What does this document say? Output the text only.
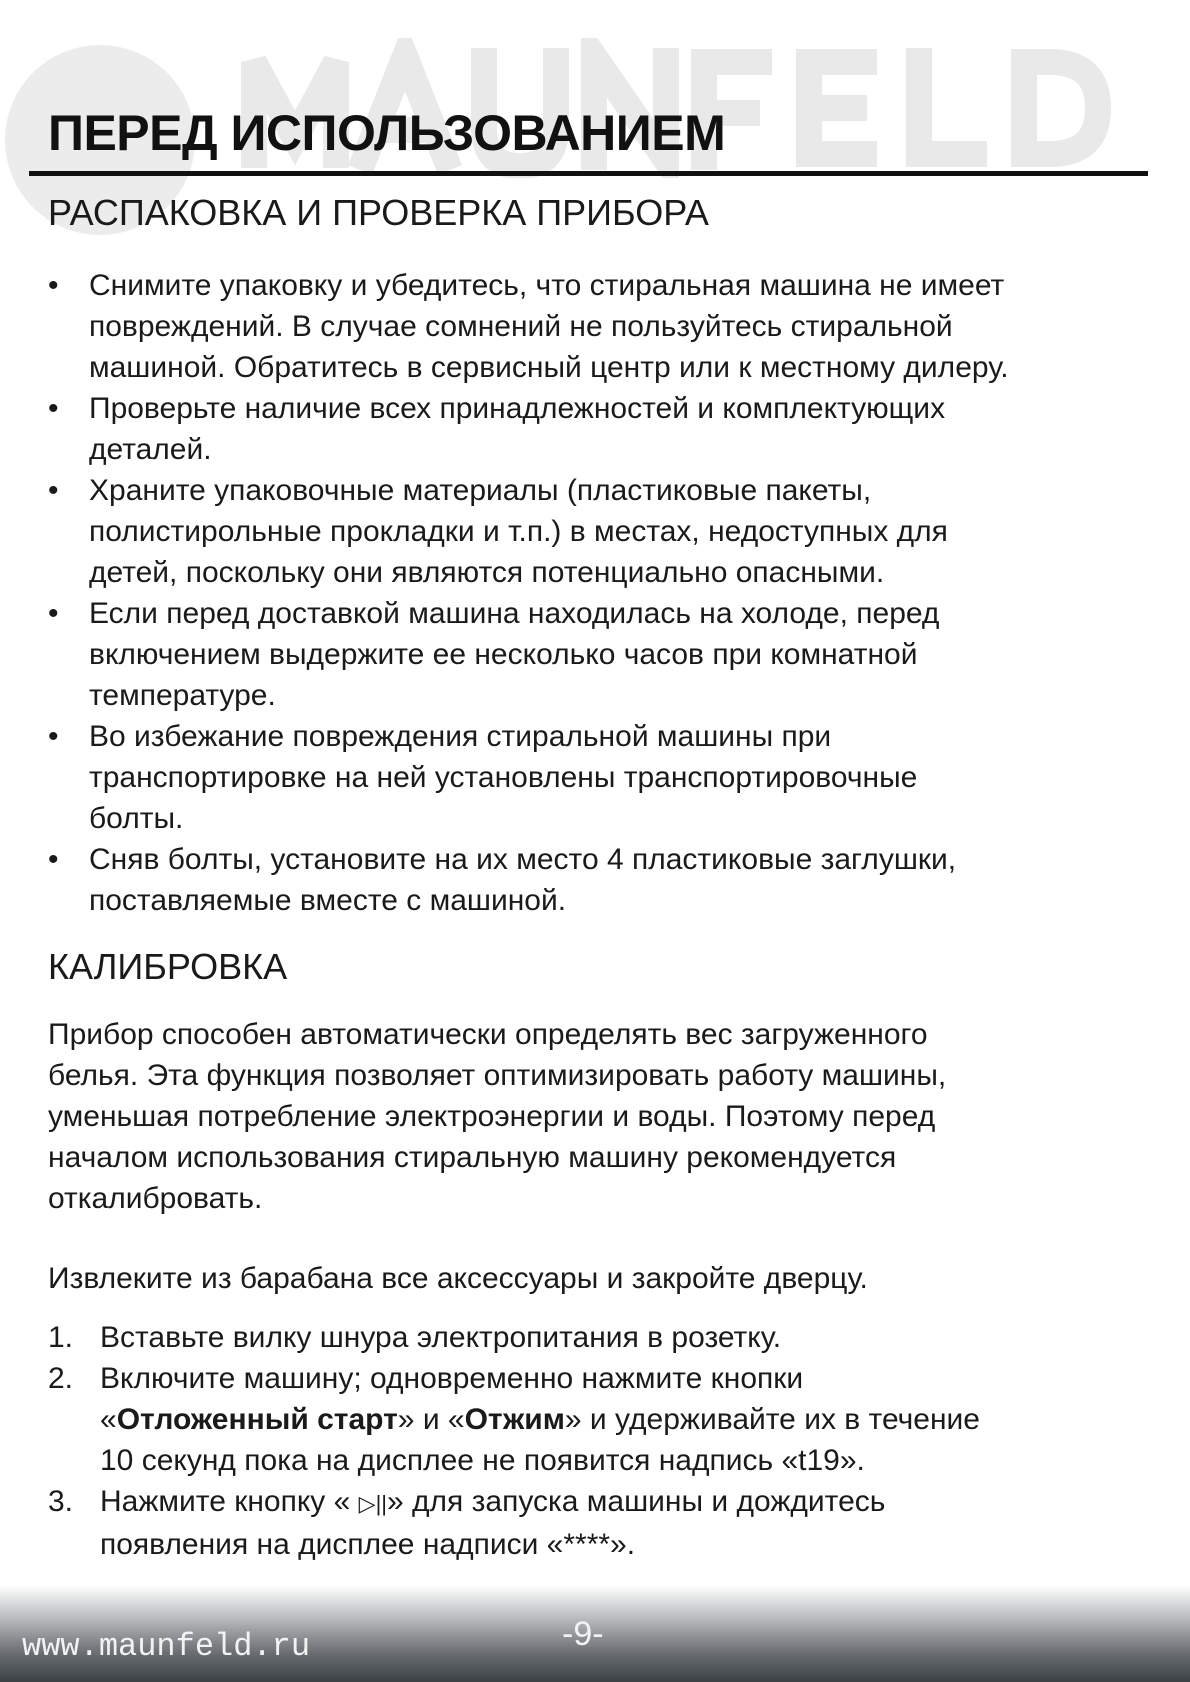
ПЕРЕД ИСПОЛЬЗОВАНИЕМ
РАСПАКОВКА И ПРОВЕРКА ПРИБОРА
• Снимите упаковку и убедитесь, что стиральная машина не имеет
повреждений. В случае сомнений не пользуйтесь стиральной
машиной. Обратитесь в сервисный центр или к местному дилеру.
• Проверьте наличие всех принадлежностей и комплектующих
деталей.
• Храните упаковочные материалы (пластиковые пакеты,
полистирольные прокладки и т.п.) в местах, недоступных для
детей, поскольку они являются потенциально опасными.
• Если перед доставкой машина находилась на холоде, перед
включением выдержите ее несколько часов при комнатной
температуре.
• Во избежание повреждения стиральной машины при
транспортировке на ней установлены транспортировочные
болты.
• Сняв болты, установите на их место 4 пластиковые заглушки,
поставляемые вместе с машиной.
КАЛИБРОВКА
Прибор способен автоматически определять вес загруженного
белья. Эта функция позволяет оптимизировать работу машины,
уменьшая потребление электроэнергии и воды. Поэтому перед
началом использования стиральную машину рекомендуется
откалибровать.
Извлеките из барабана все аксессуары и закройте дверцу.
1. Вставьте вилку шнура электропитания в розетку.
2. Включите машину; одновременно нажмите кнопки
«Отложенный старт» и «Отжим» и удерживайте их в течение
10 секунд пока на дисплее не появится надпись «t19».
3. Нажмите кнопку « ▷||» для запуска машины и дождитесь
появления на дисплее надписи «****».
www.maunfeld.ru	-9-
